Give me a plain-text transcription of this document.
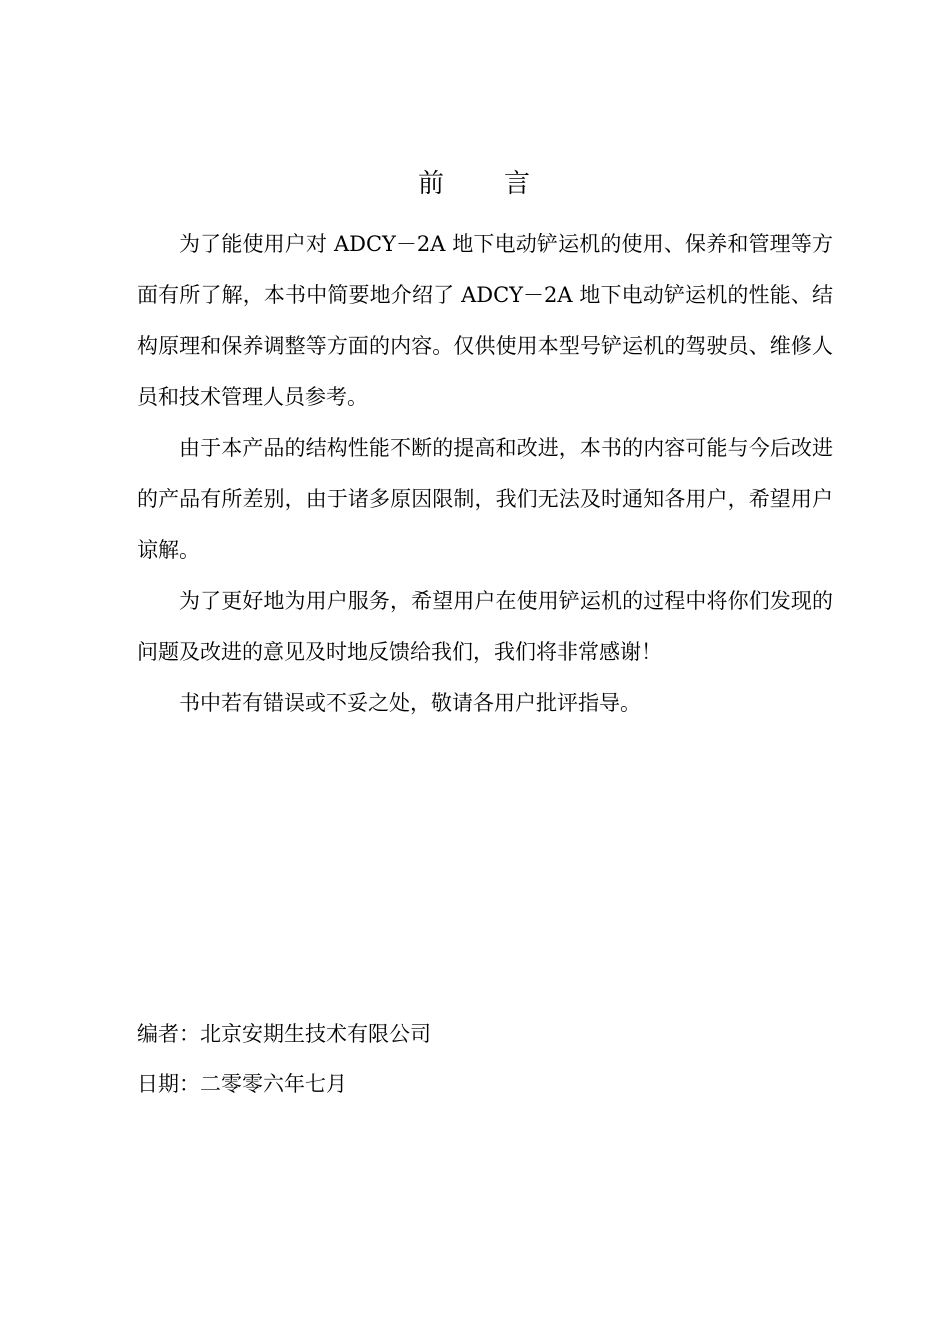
前 言

为了能使用户对 ADCY－2A 地下电动铲运机的使用、保养和管理等方面有所了解，本书中简要地介绍了 ADCY－2A 地下电动铲运机的性能、结构原理和保养调整等方面的内容。仅供使用本型号铲运机的驾驶员、维修人员和技术管理人员参考。

由于本产品的结构性能不断的提高和改进，本书的内容可能与今后改进的产品有所差别，由于诸多原因限制，我们无法及时通知各用户，希望用户谅解。

为了更好地为用户服务，希望用户在使用铲运机的过程中将你们发现的问题及改进的意见及时地反馈给我们，我们将非常感谢！

书中若有错误或不妥之处，敬请各用户批评指导。

编者：北京安期生技术有限公司
日期：二零零六年七月
